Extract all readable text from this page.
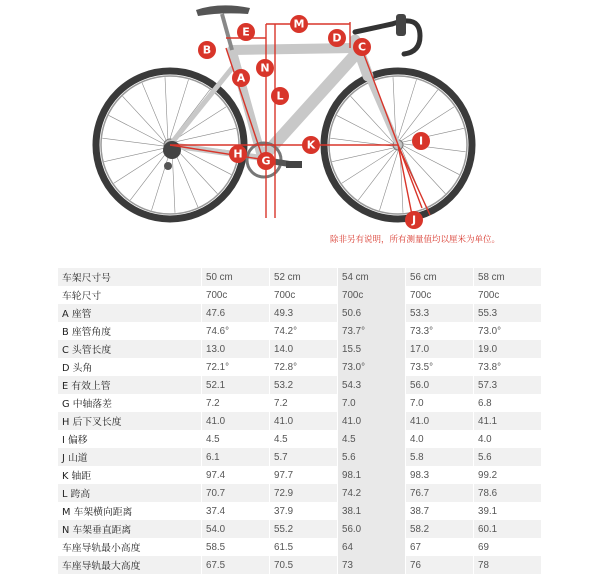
A
B	C
D
E
G
H
I
J
K
L
M
N
除非另有说明，所有测量值均以厘米为单位。
车架尺寸号	50 cm	52 cm	54 cm	56 cm	58 cm
车轮尺寸	700c	700c	700c	700c	700c
A 座管	47.6	49.3	50.6	53.3	55.3
B 座管角度	74.6°	74.2°	73.7°	73.3°	73.0°
C 头管长度	13.0	14.0	15.5	17.0	19.0
D 头角	72.1°	72.8°	73.0°	73.5°	73.8°
E 有效上管	52.1	53.2	54.3	56.0	57.3
G 中轴落差	7.2	7.2	7.0	7.0	6.8
H 后下叉长度	41.0	41.0	41.0	41.0	41.1
I 偏移	4.5	4.5	4.5	4.0	4.0
J 山道	6.1	5.7	5.6	5.8	5.6
K 轴距	97.4	97.7	98.1	98.3	99.2
L 跨高	70.7	72.9	74.2	76.7	78.6
M 车架横向距离	37.4	37.9	38.1	38.7	39.1
N 车架垂直距离	54.0	55.2	56.0	58.2	60.1
车座导轨最小高度	58.5	61.5	64	67	69
车座导轨最大高度	67.5	70.5	73	76	78
